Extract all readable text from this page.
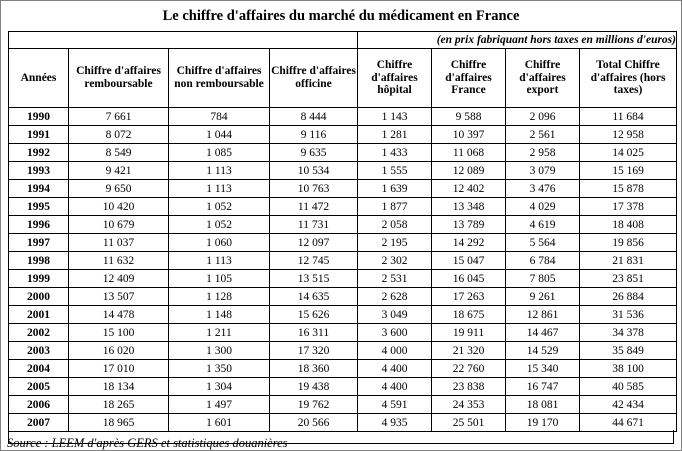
Le chiffre d'affaires du marché du médicament en France
				(en prix fabriquant hors taxes en millions d'euros)			
Années	Chiffre d'affaires remboursable	Chiffre d'affaires non remboursable	Chiffre d'affaires officine	Chiffre d'affaires hôpital	Chiffre d'affaires France	Chiffre d'affaires export	Total Chiffre d'affaires (hors taxes)
1990	7 661	784	8 444	1 143	9 588	2 096	11 684
1991	8 072	1 044	9 116	1 281	10 397	2 561	12 958
1992	8 549	1 085	9 635	1 433	11 068	2 958	14 025
1993	9 421	1 113	10 534	1 555	12 089	3 079	15 169
1994	9 650	1 113	10 763	1 639	12 402	3 476	15 878
1995	10 420	1 052	11 472	1 877	13 348	4 029	17 378
1996	10 679	1 052	11 731	2 058	13 789	4 619	18 408
1997	11 037	1 060	12 097	2 195	14 292	5 564	19 856
1998	11 632	1 113	12 745	2 302	15 047	6 784	21 831
1999	12 409	1 105	13 515	2 531	16 045	7 805	23 851
2000	13 507	1 128	14 635	2 628	17 263	9 261	26 884
2001	14 478	1 148	15 626	3 049	18 675	12 861	31 536
2002	15 100	1 211	16 311	3 600	19 911	14 467	34 378
2003	16 020	1 300	17 320	4 000	21 320	14 529	35 849
2004	17 010	1 350	18 360	4 400	22 760	15 340	38 100
2005	18 134	1 304	19 438	4 400	23 838	16 747	40 585
2006	18 265	1 497	19 762	4 591	24 353	18 081	42 434
2007	18 965	1 601	20 566	4 935	25 501	19 170	44 671
Source : LEEM d'après GERS et statistiques douanières
